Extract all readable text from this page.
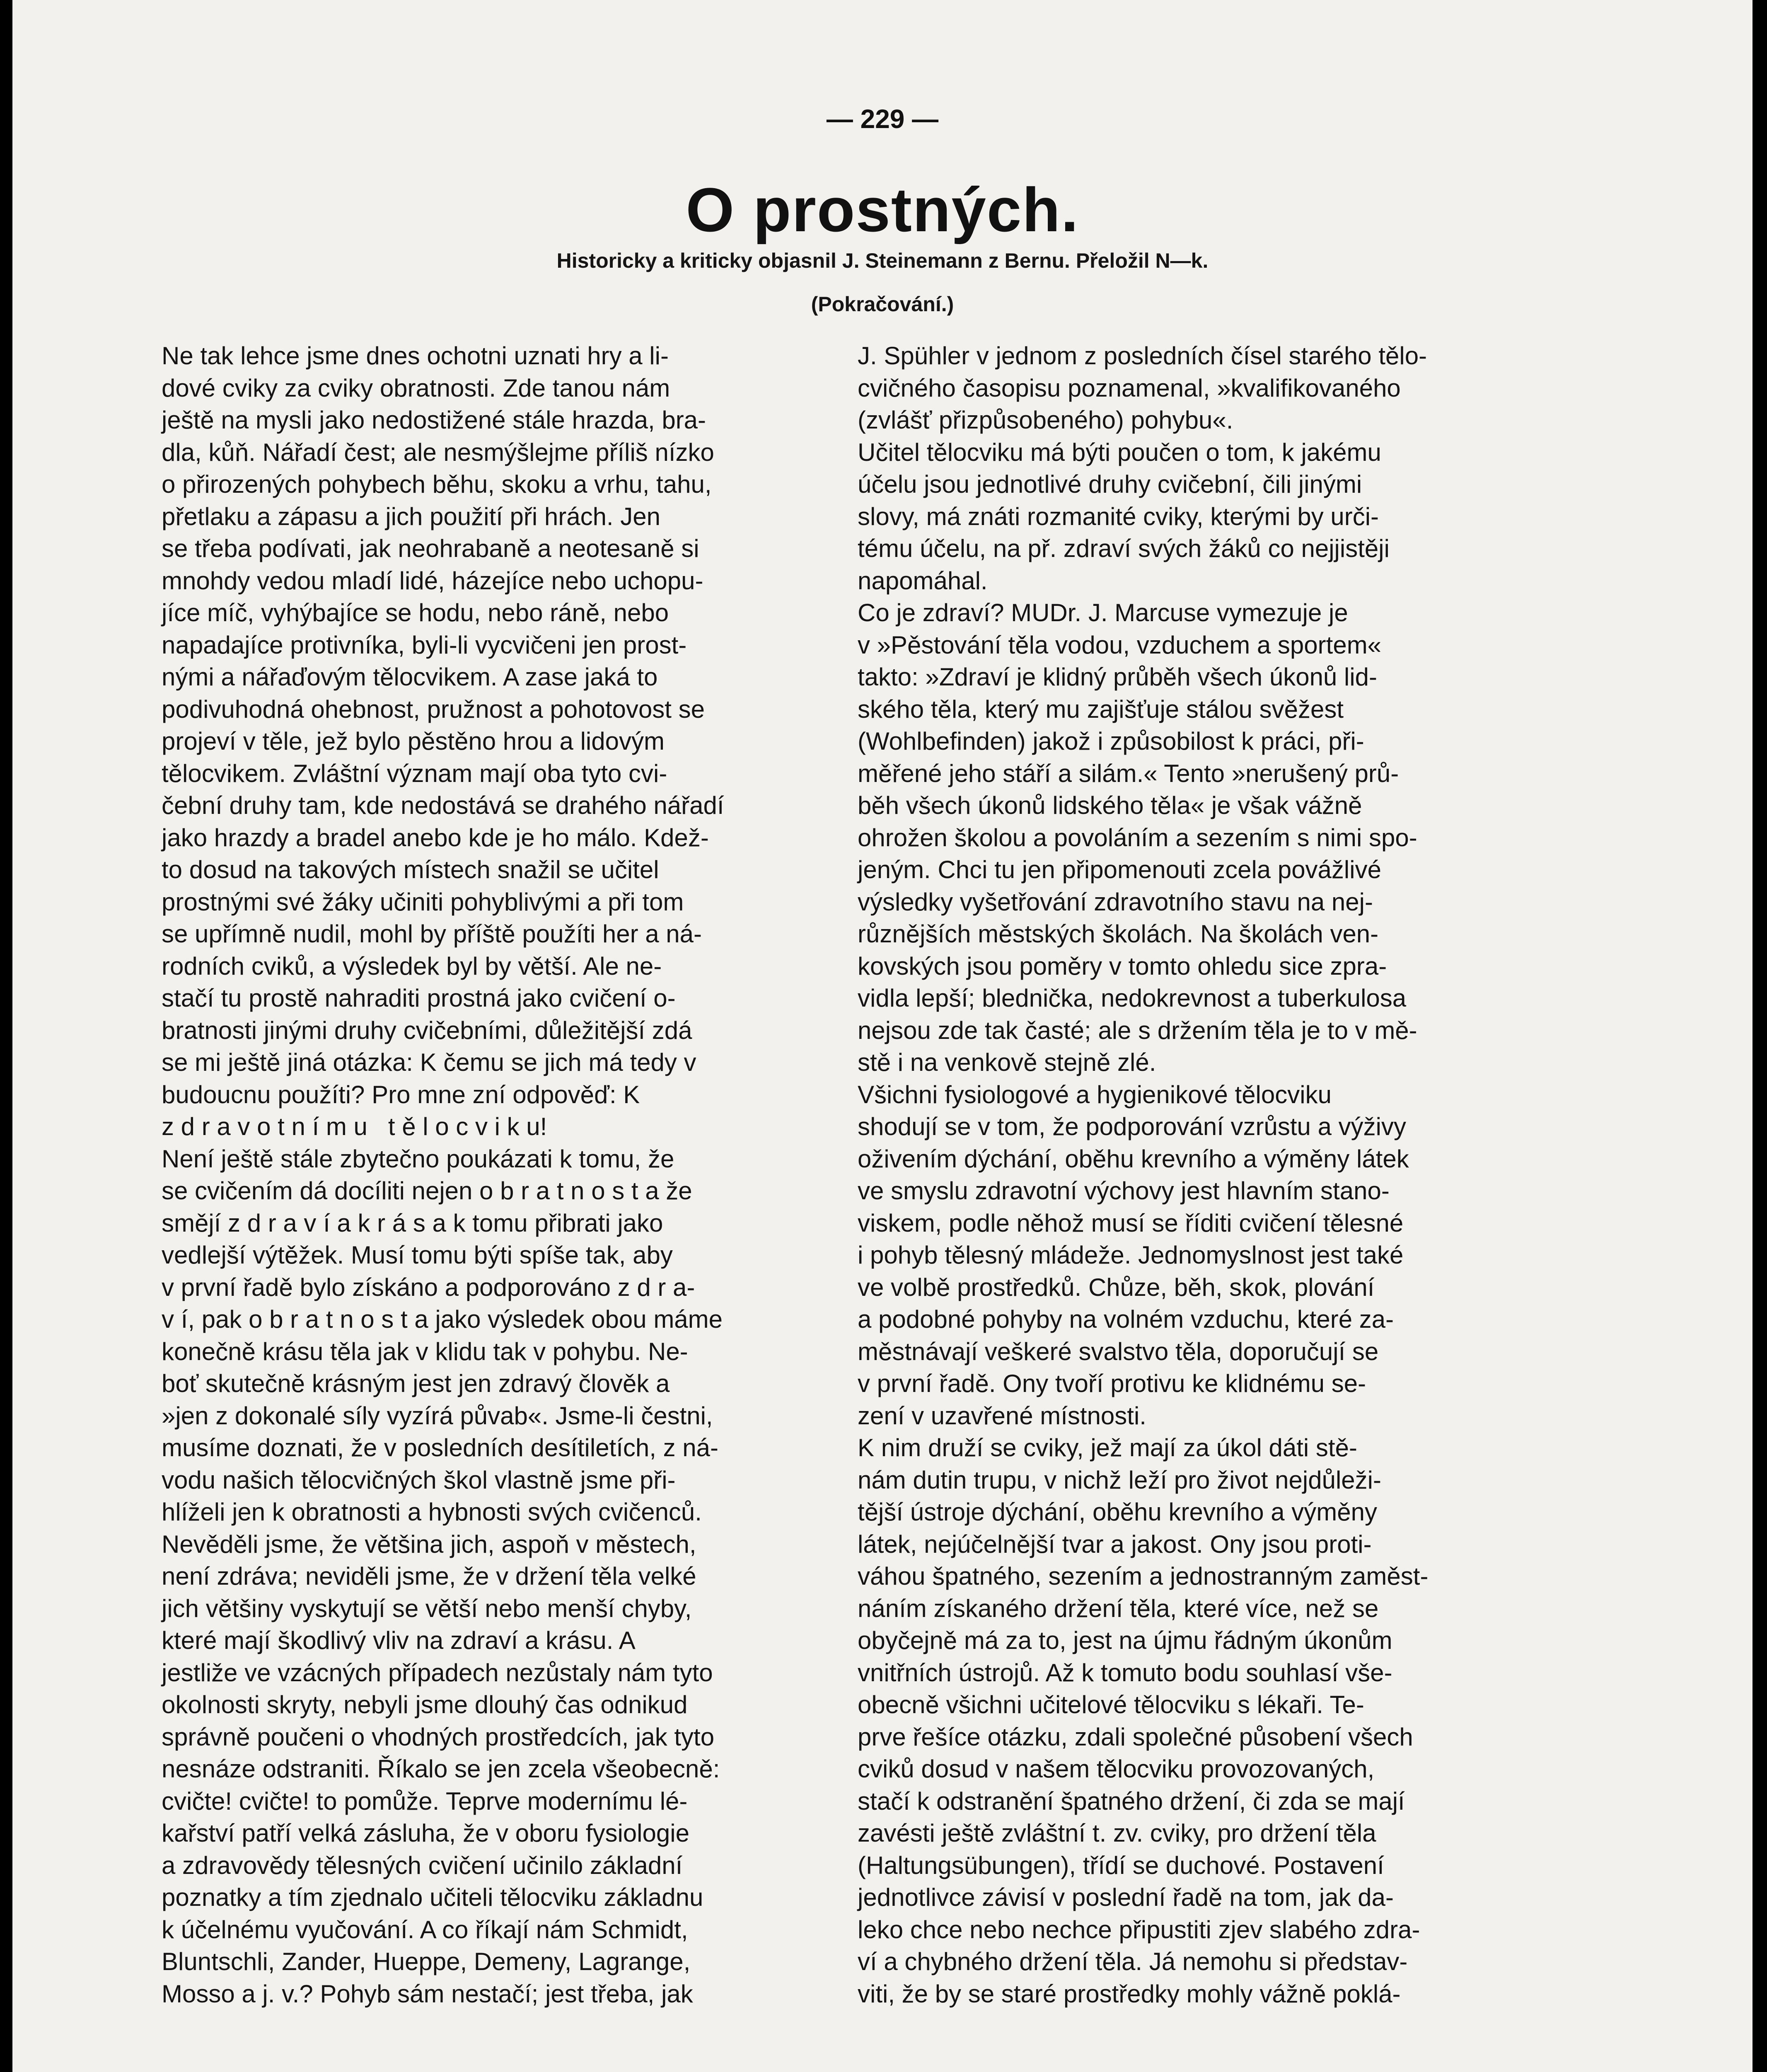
— 229 —
O prostných.
Historicky a kriticky objasnil J. Steinemann z Bernu. Přeložil N—k.
(Pokračování.)
Ne tak lehce jsme dnes ochotni uznati hry a li-
dové cviky za cviky obratnosti. Zde tanou nám
ještě na mysli jako nedostižené stále hrazda, bra-
dla, kůň. Nářadí čest; ale nesmýšlejme příliš nízko
o přirozených pohybech běhu, skoku a vrhu, tahu,
přetlaku a zápasu a jich použití při hrách. Jen
se třeba podívati, jak neohrabaně a neotesaně si
mnohdy vedou mladí lidé, házejíce nebo uchopu-
jíce míč, vyhýbajíce se hodu, nebo ráně, nebo
napadajíce protivníka, byli-li vycvičeni jen prost-
nými a nářaďovým tělocvikem. A zase jaká to
podivuhodná ohebnost, pružnost a pohotovost se
projeví v těle, jež bylo pěstěno hrou a lidovým
tělocvikem. Zvláštní význam mají oba tyto cvi-
čební druhy tam, kde nedostává se drahého nářadí
jako hrazdy a bradel anebo kde je ho málo. Kdež-
to dosud na takových místech snažil se učitel
prostnými své žáky učiniti pohyblivými a při tom
se upřímně nudil, mohl by příště použíti her a ná-
rodních cviků, a výsledek byl by větší. Ale ne-
stačí tu prostě nahraditi prostná jako cvičení o-
bratnosti jinými druhy cvičebními, důležitější zdá
se mi ještě jiná otázka: K čemu se jich má tedy v
budoucnu použíti? Pro mne zní odpověď: K
z d r a v o t n í m u   t ě l o c v i k u!
Není ještě stále zbytečno poukázati k tomu, že
se cvičením dá docíliti nejen o b r a t n o s t a že
smějí z d r a v í a k r á s a k tomu přibrati jako
vedlejší výtěžek. Musí tomu býti spíše tak, aby
v první řadě bylo získáno a podporováno z d r a-
v í, pak o b r a t n o s t a jako výsledek obou máme
konečně krásu těla jak v klidu tak v pohybu. Ne-
boť skutečně krásným jest jen zdravý člověk a
»jen z dokonalé síly vyzírá půvab«. Jsme-li čestni,
musíme doznati, že v posledních desítiletích, z ná-
vodu našich tělocvičných škol vlastně jsme při-
hlíželi jen k obratnosti a hybnosti svých cvičenců.
Nevěděli jsme, že většina jich, aspoň v městech,
není zdráva; neviděli jsme, že v držení těla velké
jich většiny vyskytují se větší nebo menší chyby,
které mají škodlivý vliv na zdraví a krásu. A
jestliže ve vzácných případech nezůstaly nám tyto
okolnosti skryty, nebyli jsme dlouhý čas odnikud
správně poučeni o vhodných prostředcích, jak tyto
nesnáze odstraniti. Říkalo se jen zcela všeobecně:
cvičte! cvičte! to pomůže. Teprve modernímu lé-
kařství patří velká zásluha, že v oboru fysiologie
a zdravovědy tělesných cvičení učinilo základní
poznatky a tím zjednalo učiteli tělocviku základnu
k účelnému vyučování. A co říkají nám Schmidt,
Bluntschli, Zander, Hueppe, Demeny, Lagrange,
Mosso a j. v.? Pohyb sám nestačí; jest třeba, jak
J. Spühler v jednom z posledních čísel starého tělo-
cvičného časopisu poznamenal, »kvalifikovaného
(zvlášť přizpůsobeného) pohybu«.
Učitel tělocviku má býti poučen o tom, k jakému
účelu jsou jednotlivé druhy cvičební, čili jinými
slovy, má znáti rozmanité cviky, kterými by urči-
tému účelu, na př. zdraví svých žáků co nejjistěji
napomáhal.
Co je zdraví? MUDr. J. Marcuse vymezuje je
v »Pěstování těla vodou, vzduchem a sportem«
takto: »Zdraví je klidný průběh všech úkonů lid-
ského těla, který mu zajišťuje stálou svěžest
(Wohlbefinden) jakož i způsobilost k práci, při-
měřené jeho stáří a silám.« Tento »nerušený prů-
běh všech úkonů lidského těla« je však vážně
ohrožen školou a povoláním a sezením s nimi spo-
jeným. Chci tu jen připomenouti zcela povážlivé
výsledky vyšetřování zdravotního stavu na nej-
různějších městských školách. Na školách ven-
kovských jsou poměry v tomto ohledu sice zpra-
vidla lepší; blednička, nedokrevnost a tuberkulosa
nejsou zde tak časté; ale s držením těla je to v mě-
stě i na venkově stejně zlé.
Všichni fysiologové a hygienikové tělocviku
shodují se v tom, že podporování vzrůstu a výživy
oživením dýchání, oběhu krevního a výměny látek
ve smyslu zdravotní výchovy jest hlavním stano-
viskem, podle něhož musí se říditi cvičení tělesné
i pohyb tělesný mládeže. Jednomyslnost jest také
ve volbě prostředků. Chůze, běh, skok, plování
a podobné pohyby na volném vzduchu, které za-
městnávají veškeré svalstvo těla, doporučují se
v první řadě. Ony tvoří protivu ke klidnému se-
zení v uzavřené místnosti.
K nim druží se cviky, jež mají za úkol dáti stě-
nám dutin trupu, v nichž leží pro život nejdůleži-
tější ústroje dýchání, oběhu krevního a výměny
látek, nejúčelnější tvar a jakost. Ony jsou proti-
váhou špatného, sezením a jednostranným zaměst-
náním získaného držení těla, které více, než se
obyčejně má za to, jest na újmu řádným úkonům
vnitřních ústrojů. Až k tomuto bodu souhlasí vše-
obecně všichni učitelové tělocviku s lékaři. Te-
prve řešíce otázku, zdali společné působení všech
cviků dosud v našem tělocviku provozovaných,
stačí k odstranění špatného držení, či zda se mají
zavésti ještě zvláštní t. zv. cviky, pro držení těla
(Haltungsübungen), třídí se duchové. Postavení
jednotlivce závisí v poslední řadě na tom, jak da-
leko chce nebo nechce připustiti zjev slabého zdra-
ví a chybného držení těla. Já nemohu si představ-
viti, že by se staré prostředky mohly vážně poklá-
